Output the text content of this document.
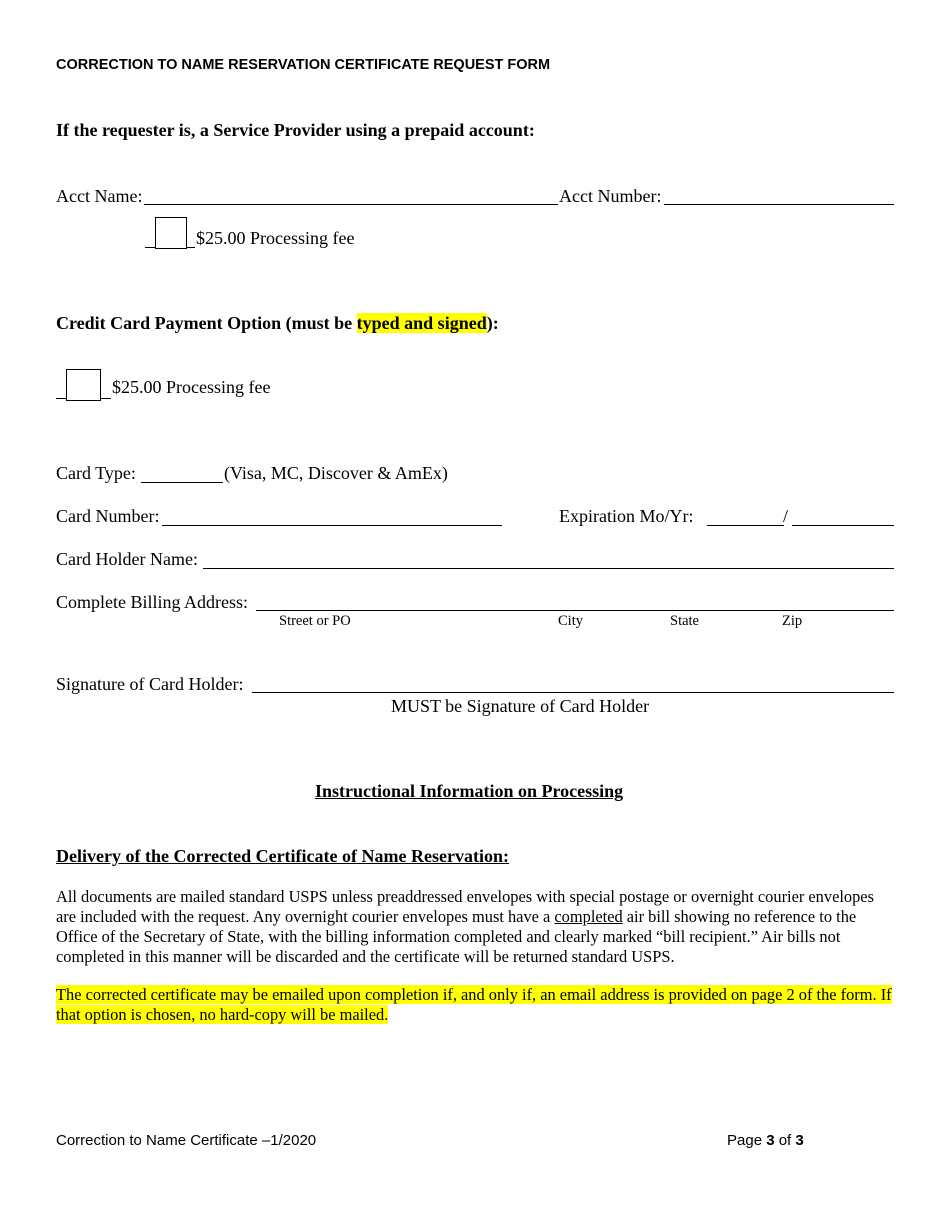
CORRECTION TO NAME RESERVATION CERTIFICATE REQUEST FORM
If the requester is, a Service Provider using a prepaid account:
Acct Name:	Acct Number:
$25.00 Processing fee
Credit Card Payment Option (must be typed and signed):
$25.00 Processing fee
Card Type:	(Visa, MC, Discover & AmEx)
Card Number:	Expiration Mo/Yr:	/
Card Holder Name:
Complete Billing Address:
Street or PO	City	State	Zip
Signature of Card Holder:
MUST be Signature of Card Holder
Instructional Information on Processing
Delivery of the Corrected Certificate of Name Reservation:
All documents are mailed standard USPS unless preaddressed envelopes with special postage or overnight courier envelopes are included with the request. Any overnight courier envelopes must have a completed air bill showing no reference to the Office of the Secretary of State, with the billing information completed and clearly marked “bill recipient.” Air bills not completed in this manner will be discarded and the certificate will be returned standard USPS.
The corrected certificate may be emailed upon completion if, and only if, an email address is provided on page 2 of the form. If that option is chosen, no hard-copy will be mailed.
Correction to Name Certificate –1/2020	Page 3 of 3
